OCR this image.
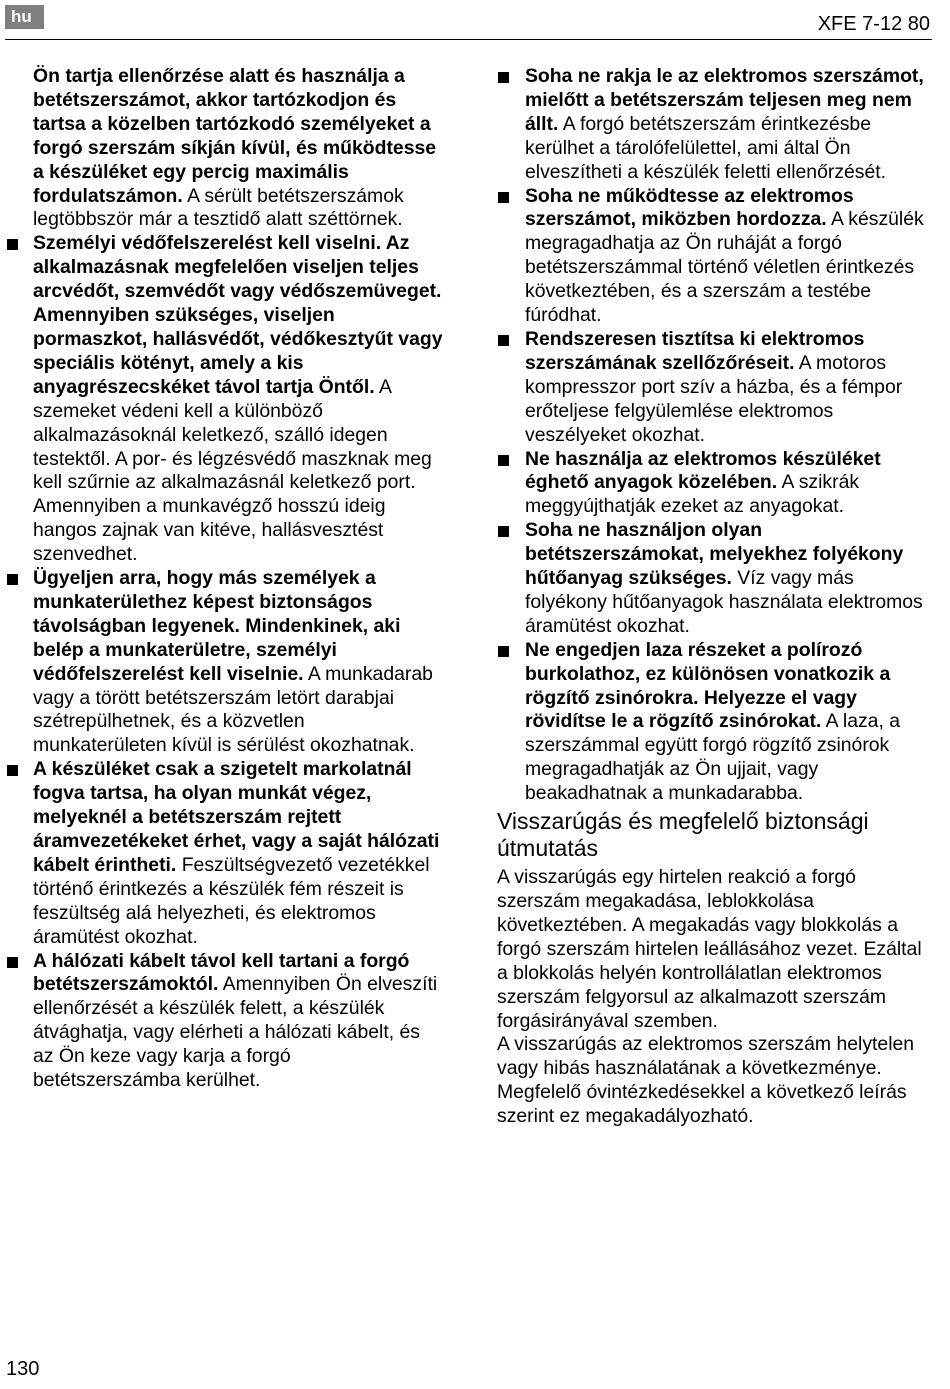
hu	XFE 7-12 80

Ön tartja ellenőrzése alatt és használja a betétszerszámot, akkor tartózkodjon és tartsa a közelben tartózkodó személyeket a forgó szerszám síkján kívül, és működtesse a készüléket egy percig maximális fordulatszámon. A sérült betétszerszámok legtöbbször már a tesztidő alatt széttörnek.

Személyi védőfelszerelést kell viselni. Az alkalmazásnak megfelelően viseljen teljes arcvédőt, szemvédőt vagy védőszemüveget. Amennyiben szükséges, viseljen pormaszkot, hallásvédőt, védőkesztyűt vagy speciális kötényt, amely a kis anyagrészecskéket távol tartja Öntől. A szemeket védeni kell a különböző alkalmazásoknál keletkező, szálló idegen testektől. A por- és légzésvédő maszknak meg kell szűrnie az alkalmazásnál keletkező port. Amennyiben a munkavégző hosszú ideig hangos zajnak van kitéve, hallásvesztést szenvedhet.

Ügyeljen arra, hogy más személyek a munkaterülethez képest biztonságos távolságban legyenek. Mindenkinek, aki belép a munkaterületre, személyi védőfelszerelést kell viselnie. A munkadarab vagy a törött betétszerszám letört darabjai szétrepülhetnek, és a közvetlen munkaterületen kívül is sérülést okozhatnak.

A készüléket csak a szigetelt markolatnál fogva tartsa, ha olyan munkát végez, melyeknél a betétszerszám rejtett áramvezetékeket érhet, vagy a saját hálózati kábelt érintheti. Feszültségvezető vezetékkel történő érintkezés a készülék fém részeit is feszültség alá helyezheti, és elektromos áramütést okozhat.

A hálózati kábelt távol kell tartani a forgó betétszerszámoktól. Amennyiben Ön elveszíti ellenőrzését a készülék felett, a készülék átvághatja, vagy elérheti a hálózati kábelt, és az Ön keze vagy karja a forgó betétszerszámba kerülhet.

Soha ne rakja le az elektromos szerszámot, mielőtt a betétszerszám teljesen meg nem állt. A forgó betétszerszám érintkezésbe kerülhet a tárolófelülettel, ami által Ön elveszítheti a készülék feletti ellenőrzését.

Soha ne működtesse az elektromos szerszámot, miközben hordozza. A készülék megragadhatja az Ön ruháját a forgó betétszerszámmal történő véletlen érintkezés következtében, és a szerszám a testébe fúródhat.

Rendszeresen tisztítsa ki elektromos szerszámának szellőzőréseit. A motoros kompresszor port szív a házba, és a fémpor erőteljese felgyülemlése elektromos veszélyeket okozhat.

Ne használja az elektromos készüléket éghető anyagok közelében. A szikrák meggyújthatják ezeket az anyagokat.

Soha ne használjon olyan betétszerszámokat, melyekhez folyékony hűtőanyag szükséges. Víz vagy más folyékony hűtőanyagok használata elektromos áramütést okozhat.

Ne engedjen laza részeket a polírozó burkolathoz, ez különösen vonatkozik a rögzítő zsinórokra. Helyezze el vagy rövidítse le a rögzítő zsinórokat. A laza, a szerszámmal együtt forgó rögzítő zsinórok megragadhatják az Ön ujjait, vagy beakadhatnak a munkadarabba.

Visszarúgás és megfelelő biztonsági útmutatás

A visszarúgás egy hirtelen reakció a forgó szerszám megakadása, leblokkolása következtében. A megakadás vagy blokkolás a forgó szerszám hirtelen leállásához vezet. Ezáltal a blokkolás helyén kontrollálatlan elektromos szerszám felgyorsul az alkalmazott szerszám forgásirányával szemben.

A visszarúgás az elektromos szerszám helytelen vagy hibás használatának a következménye. Megfelelő óvintézkedésekkel a következő leírás szerint ez megakadályozható.

130
